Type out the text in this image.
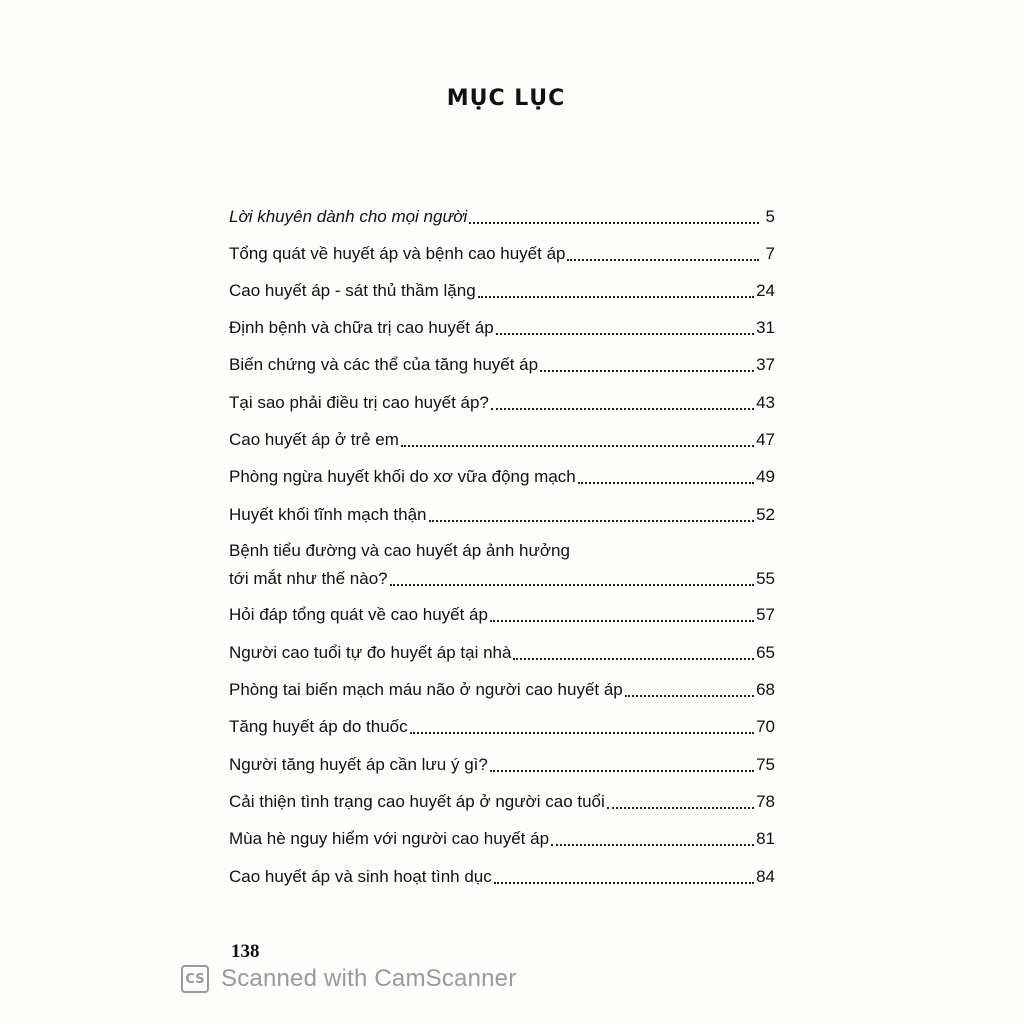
MỤC LỤC
Lời khuyên dành cho mọi người	5
Tổng quát về huyết áp và bệnh cao huyết áp	7
Cao huyết áp - sát thủ thầm lặng	24
Định bệnh và chữa trị cao huyết áp	31
Biến chứng và các thể của tăng huyết áp	37
Tại sao phải điều trị cao huyết áp?	43
Cao huyết áp ở trẻ em	47
Phòng ngừa huyết khối do xơ vữa động mạch	49
Huyết khối tĩnh mạch thận	52
Bệnh tiểu đường và cao huyết áp ảnh hưởng
tới mắt như thế nào?	55
Hỏi đáp tổng quát về cao huyết áp	57
Người cao tuổi tự đo huyết áp tại nhà	65
Phòng tai biến mạch máu não ở người cao huyết áp	68
Tăng huyết áp do thuốc	70
Người tăng huyết áp cần lưu ý gì?	75
Cải thiện tình trạng cao huyết áp ở người cao tuổi	78
Mùa hè nguy hiểm với người cao huyết áp	81
Cao huyết áp và sinh hoạt tình dục	84
138
CS Scanned with CamScanner
